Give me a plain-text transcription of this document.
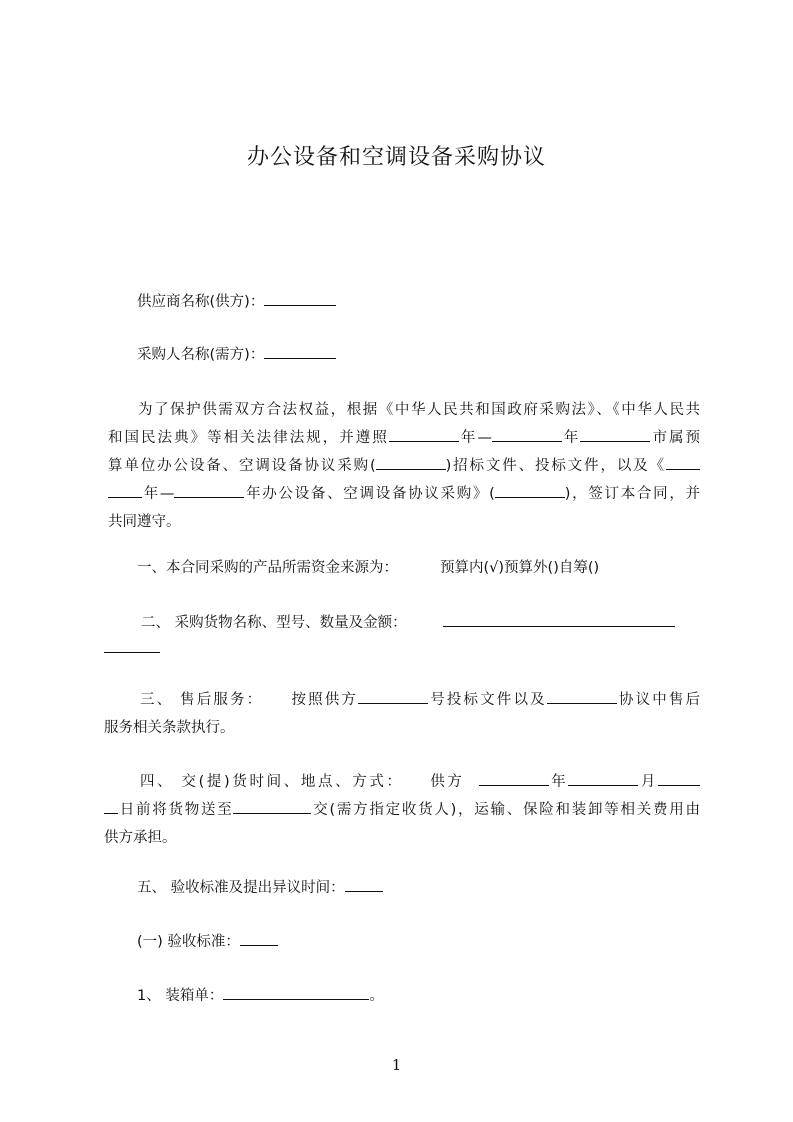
办公设备和空调设备采购协议
供应商名称(供方)：
采购人名称(需方)：
为了保护供需双方合法权益，根据《中华人民共和国政府采购法》、《中华人民共
和国民法典》等相关法律法规，并遵照	年—	年	市属预
算单位办公设备、空调设备协议采购(	)招标文件、投标文件，以及《
年—	年办公设备、空调设备协议采购》(	)，签订本合同，并
共同遵守。
一、本合同采购的产品所需资金来源为：	预算内(√)预算外()自筹()
二、 采购货物名称、型号、数量及金额：
三、 售后服务： 按照供方	号投标文件以及	协议中售后
服务相关条款执行。
四、 交(提)货时间、地点、方式： 供方	年	月
日前将货物送至	交(需方指定收货人)，运输、保险和装卸等相关费用由
供方承担。
五、 验收标准及提出异议时间：
(一) 验收标准：
1、 装箱单：	。
1
